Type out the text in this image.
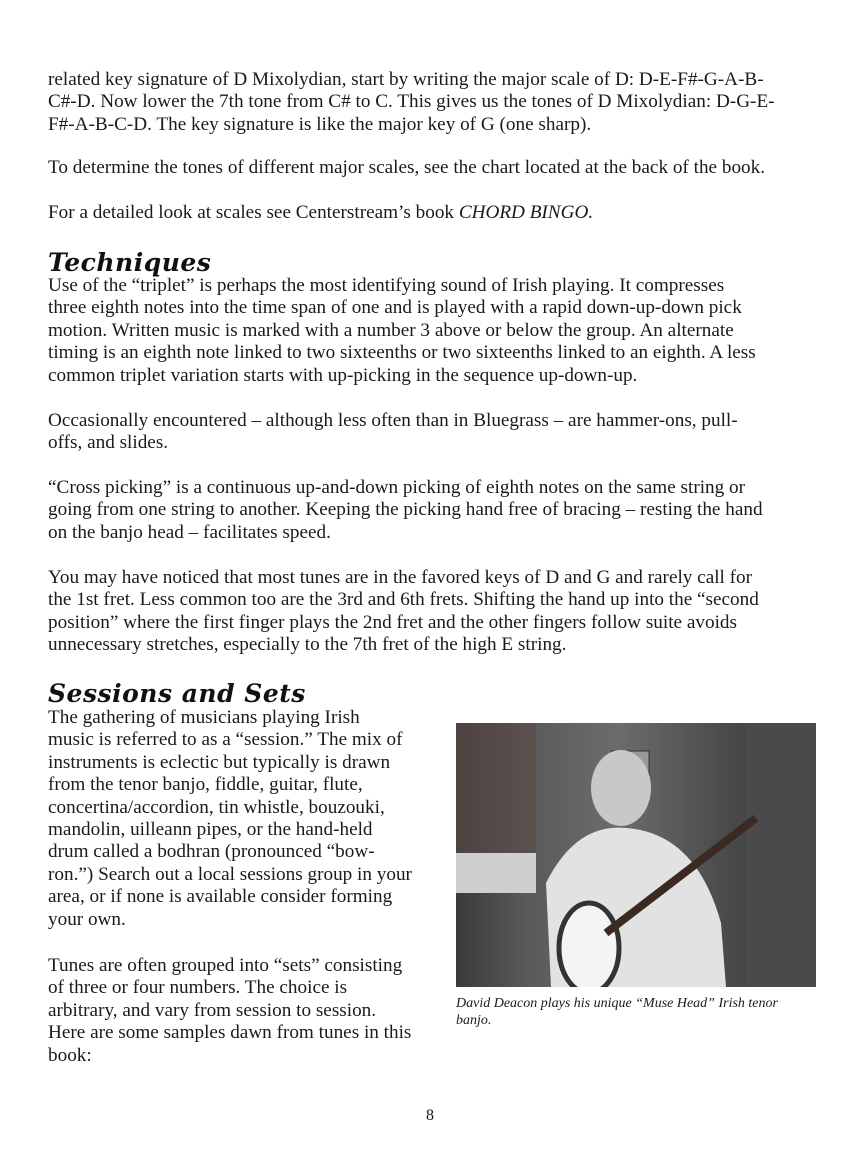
Techniques
Sessions and Sets
For a detailed look at scales see Centerstream’s book CHORD BINGO.
8
related key signature of D Mixolydian, start by writing the major scale of D: D-E-F#-G-A-B-
C#-D. Now lower the 7th tone from C# to C. This gives us the tones of D Mixolydian: D-G-E-
F#-A-B-C-D. The key signature is like the major key of G (one sharp).
To determine the tones of different major scales, see the chart located at the back of the book.
Use of the “triplet” is perhaps the most identifying sound of Irish playing. It compresses
three eighth notes into the time span of one and is played with a rapid down-up-down pick
motion. Written music is marked with a number 3 above or below the group. An alternate
timing is an eighth note linked to two sixteenths or two sixteenths linked to an eighth. A less
common triplet variation starts with up-picking in the sequence up-down-up.
Occasionally encountered – although less often than in Bluegrass – are hammer-ons, pull-
offs, and slides.
“Cross picking” is a continuous up-and-down picking of eighth notes on the same string or
going from one string to another. Keeping the picking hand free of bracing – resting the hand
on the banjo head – facilitates speed.
You may have noticed that most tunes are in the favored keys of D and G and rarely call for
the 1st fret. Less common too are the 3rd and 6th frets. Shifting the hand up into the “second
position” where the first finger plays the 2nd fret and the other fingers follow suite avoids
unnecessary stretches, especially to the 7th fret of the high E string.
The gathering of musicians playing Irish
music is referred to as a “session.” The mix of
instruments is eclectic but typically is drawn
from the tenor banjo, fiddle, guitar, flute,
concertina/accordion, tin whistle, bouzouki,
mandolin, uilleann pipes, or the hand-held
drum called a bodhran (pronounced “bow-
ron.”) Search out a local sessions group in your
area, or if none is available consider forming
your own.
Tunes are often grouped into “sets” consisting
of three or four numbers. The choice is
arbitrary, and vary from session to session.
Here are some samples dawn from tunes in this
book:
David Deacon plays his unique “Muse Head” Irish tenor
banjo.
